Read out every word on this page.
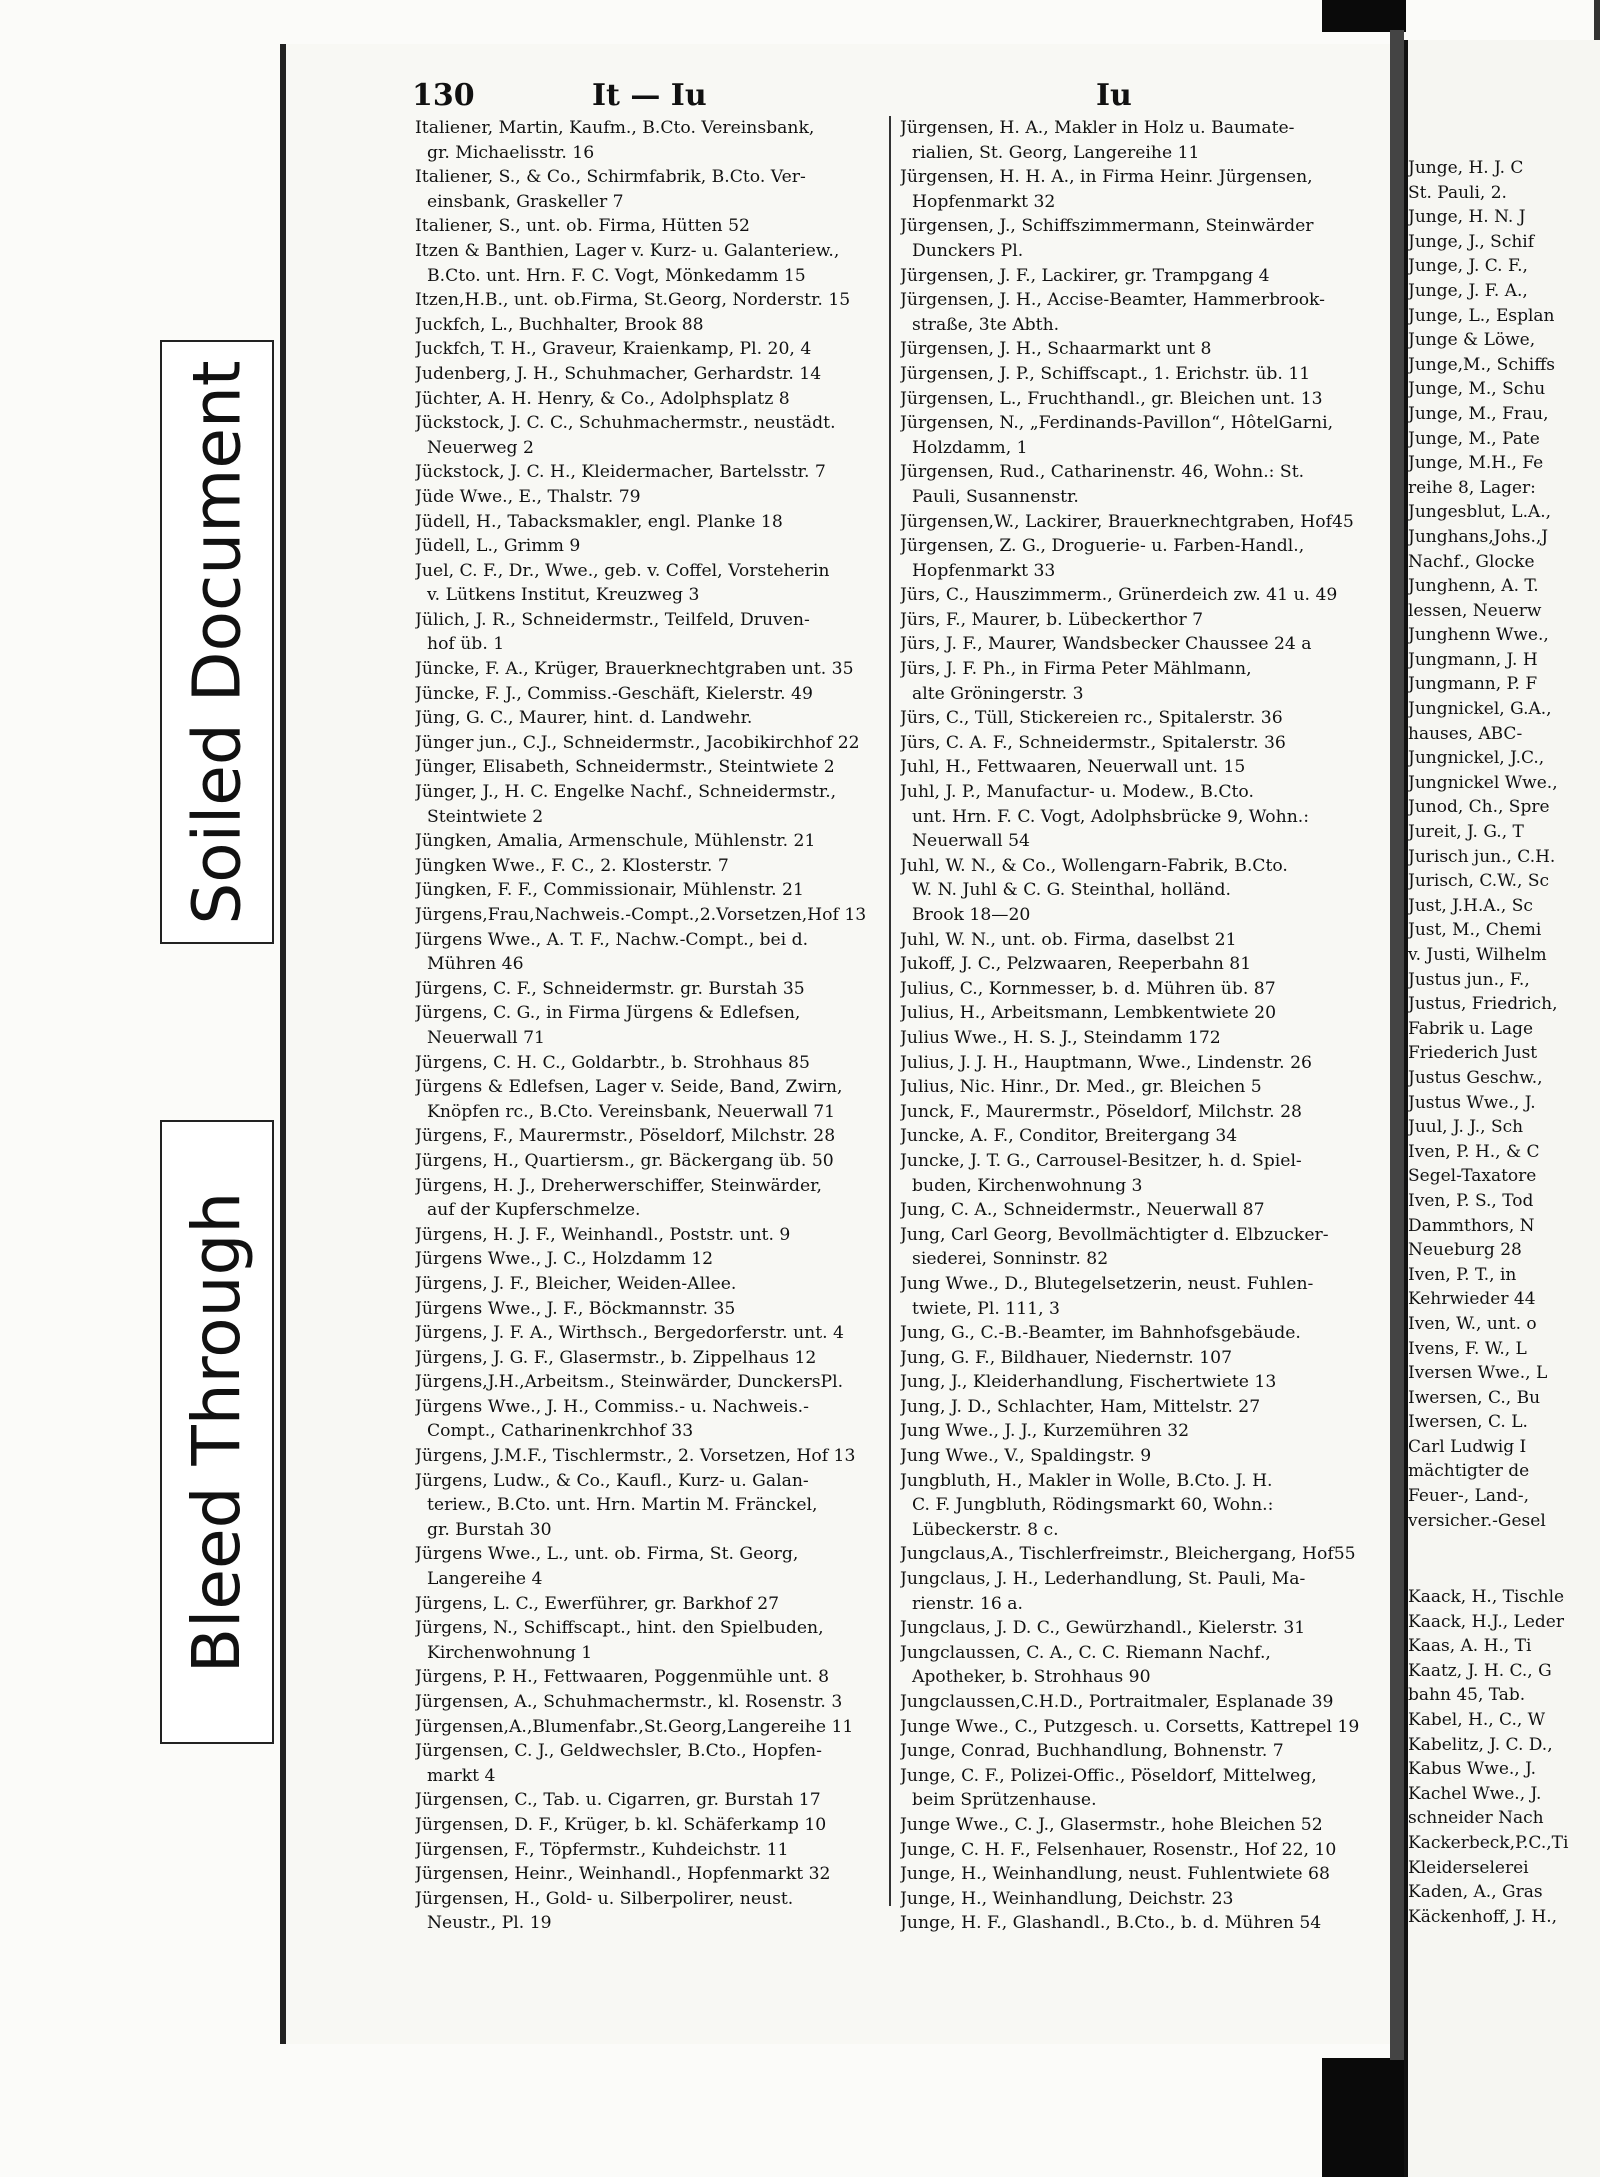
Soiled Document
Bleed Through
130	It — Iu	Iu
Italiener, Martin, Kaufm., B.Cto. Vereinsbank,
gr. Michaelisstr. 16
Italiener, S., & Co., Schirmfabrik, B.Cto. Ver-
einsbank, Graskeller 7
Italiener, S., unt. ob. Firma, Hütten 52
Itzen & Banthien, Lager v. Kurz- u. Galanteriew.,
B.Cto. unt. Hrn. F. C. Vogt, Mönkedamm 15
Itzen,H.B., unt. ob.Firma, St.Georg, Norderstr. 15
Juckfch, L., Buchhalter, Brook 88
Juckfch, T. H., Graveur, Kraienkamp, Pl. 20, 4
Judenberg, J. H., Schuhmacher, Gerhardstr. 14
Jüchter, A. H. Henry, & Co., Adolphsplatz 8
Jückstock, J. C. C., Schuhmachermstr., neustädt.
Neuerweg 2
Jückstock, J. C. H., Kleidermacher, Bartelsstr. 7
Jüde Wwe., E., Thalstr. 79
Jüdell, H., Tabacksmakler, engl. Planke 18
Jüdell, L., Grimm 9
Juel, C. F., Dr., Wwe., geb. v. Coffel, Vorsteherin
v. Lütkens Institut, Kreuzweg 3
Jülich, J. R., Schneidermstr., Teilfeld, Druven-
hof üb. 1
Jüncke, F. A., Krüger, Brauerknechtgraben unt. 35
Jüncke, F. J., Commiss.-Geschäft, Kielerstr. 49
Jüng, G. C., Maurer, hint. d. Landwehr.
Jünger jun., C.J., Schneidermstr., Jacobikirchhof 22
Jünger, Elisabeth, Schneidermstr., Steintwiete 2
Jünger, J., H. C. Engelke Nachf., Schneidermstr.,
Steintwiete 2
Jüngken, Amalia, Armenschule, Mühlenstr. 21
Jüngken Wwe., F. C., 2. Klosterstr. 7
Jüngken, F. F., Commissionair, Mühlenstr. 21
Jürgens,Frau,Nachweis.-Compt.,2.Vorsetzen,Hof 13
Jürgens Wwe., A. T. F., Nachw.-Compt., bei d.
Mühren 46
Jürgens, C. F., Schneidermstr. gr. Burstah 35
Jürgens, C. G., in Firma Jürgens & Edlefsen,
Neuerwall 71
Jürgens, C. H. C., Goldarbtr., b. Strohhaus 85
Jürgens & Edlefsen, Lager v. Seide, Band, Zwirn,
Knöpfen rc., B.Cto. Vereinsbank, Neuerwall 71
Jürgens, F., Maurermstr., Pöseldorf, Milchstr. 28
Jürgens, H., Quartiersm., gr. Bäckergang üb. 50
Jürgens, H. J., Dreherwerschiffer, Steinwärder,
auf der Kupferschmelze.
Jürgens, H. J. F., Weinhandl., Poststr. unt. 9
Jürgens Wwe., J. C., Holzdamm 12
Jürgens, J. F., Bleicher, Weiden-Allee.
Jürgens Wwe., J. F., Böckmannstr. 35
Jürgens, J. F. A., Wirthsch., Bergedorferstr. unt. 4
Jürgens, J. G. F., Glasermstr., b. Zippelhaus 12
Jürgens,J.H.,Arbeitsm., Steinwärder, DunckersPl.
Jürgens Wwe., J. H., Commiss.- u. Nachweis.-
Compt., Catharinenkrchhof 33
Jürgens, J.M.F., Tischlermstr., 2. Vorsetzen, Hof 13
Jürgens, Ludw., & Co., Kaufl., Kurz- u. Galan-
teriew., B.Cto. unt. Hrn. Martin M. Fränckel,
gr. Burstah 30
Jürgens Wwe., L., unt. ob. Firma, St. Georg,
Langereihe 4
Jürgens, L. C., Ewerführer, gr. Barkhof 27
Jürgens, N., Schiffscapt., hint. den Spielbuden,
Kirchenwohnung 1
Jürgens, P. H., Fettwaaren, Poggenmühle unt. 8
Jürgensen, A., Schuhmachermstr., kl. Rosenstr. 3
Jürgensen,A.,Blumenfabr.,St.Georg,Langereihe 11
Jürgensen, C. J., Geldwechsler, B.Cto., Hopfen-
markt 4
Jürgensen, C., Tab. u. Cigarren, gr. Burstah 17
Jürgensen, D. F., Krüger, b. kl. Schäferkamp 10
Jürgensen, F., Töpfermstr., Kuhdeichstr. 11
Jürgensen, Heinr., Weinhandl., Hopfenmarkt 32
Jürgensen, H., Gold- u. Silberpolirer, neust.
Neustr., Pl. 19
Jürgensen, H. A., Makler in Holz u. Baumate-
rialien, St. Georg, Langereihe 11
Jürgensen, H. H. A., in Firma Heinr. Jürgensen,
Hopfenmarkt 32
Jürgensen, J., Schiffszimmermann, Steinwärder
Dunckers Pl.
Jürgensen, J. F., Lackirer, gr. Trampgang 4
Jürgensen, J. H., Accise-Beamter, Hammerbrook-
straße, 3te Abth.
Jürgensen, J. H., Schaarmarkt unt 8
Jürgensen, J. P., Schiffscapt., 1. Erichstr. üb. 11
Jürgensen, L., Fruchthandl., gr. Bleichen unt. 13
Jürgensen, N., „Ferdinands-Pavillon“, HôtelGarni,
Holzdamm, 1
Jürgensen, Rud., Catharinenstr. 46, Wohn.: St.
Pauli, Susannenstr.
Jürgensen,W., Lackirer, Brauerknechtgraben, Hof45
Jürgensen, Z. G., Droguerie- u. Farben-Handl.,
Hopfenmarkt 33
Jürs, C., Hauszimmerm., Grünerdeich zw. 41 u. 49
Jürs, F., Maurer, b. Lübeckerthor 7
Jürs, J. F., Maurer, Wandsbecker Chaussee 24 a
Jürs, J. F. Ph., in Firma Peter Mählmann,
alte Gröningerstr. 3
Jürs, C., Tüll, Stickereien rc., Spitalerstr. 36
Jürs, C. A. F., Schneidermstr., Spitalerstr. 36
Juhl, H., Fettwaaren, Neuerwall unt. 15
Juhl, J. P., Manufactur- u. Modew., B.Cto.
unt. Hrn. F. C. Vogt, Adolphsbrücke 9, Wohn.:
Neuerwall 54
Juhl, W. N., & Co., Wollengarn-Fabrik, B.Cto.
W. N. Juhl & C. G. Steinthal, holländ.
Brook 18—20
Juhl, W. N., unt. ob. Firma, daselbst 21
Jukoff, J. C., Pelzwaaren, Reeperbahn 81
Julius, C., Kornmesser, b. d. Mühren üb. 87
Julius, H., Arbeitsmann, Lembkentwiete 20
Julius Wwe., H. S. J., Steindamm 172
Julius, J. J. H., Hauptmann, Wwe., Lindenstr. 26
Julius, Nic. Hinr., Dr. Med., gr. Bleichen 5
Junck, F., Maurermstr., Pöseldorf, Milchstr. 28
Juncke, A. F., Conditor, Breitergang 34
Juncke, J. T. G., Carrousel-Besitzer, h. d. Spiel-
buden, Kirchenwohnung 3
Jung, C. A., Schneidermstr., Neuerwall 87
Jung, Carl Georg, Bevollmächtigter d. Elbzucker-
siederei, Sonninstr. 82
Jung Wwe., D., Blutegelsetzerin, neust. Fuhlen-
twiete, Pl. 111, 3
Jung, G., C.-B.-Beamter, im Bahnhofsgebäude.
Jung, G. F., Bildhauer, Niedernstr. 107
Jung, J., Kleiderhandlung, Fischertwiete 13
Jung, J. D., Schlachter, Ham, Mittelstr. 27
Jung Wwe., J. J., Kurzemühren 32
Jung Wwe., V., Spaldingstr. 9
Jungbluth, H., Makler in Wolle, B.Cto. J. H.
C. F. Jungbluth, Rödingsmarkt 60, Wohn.:
Lübeckerstr. 8 c.
Jungclaus,A., Tischlerfreimstr., Bleichergang, Hof55
Jungclaus, J. H., Lederhandlung, St. Pauli, Ma-
rienstr. 16 a.
Jungclaus, J. D. C., Gewürzhandl., Kielerstr. 31
Jungclaussen, C. A., C. C. Riemann Nachf.,
Apotheker, b. Strohhaus 90
Jungclaussen,C.H.D., Portraitmaler, Esplanade 39
Junge Wwe., C., Putzgesch. u. Corsetts, Kattrepel 19
Junge, Conrad, Buchhandlung, Bohnenstr. 7
Junge, C. F., Polizei-Offic., Pöseldorf, Mittelweg,
beim Sprützenhause.
Junge Wwe., C. J., Glasermstr., hohe Bleichen 52
Junge, C. H. F., Felsenhauer, Rosenstr., Hof 22, 10
Junge, H., Weinhandlung, neust. Fuhlentwiete 68
Junge, H., Weinhandlung, Deichstr. 23
Junge, H. F., Glashandl., B.Cto., b. d. Mühren 54
Junge, H. J. C
St. Pauli, 2.
Junge, H. N. J
Junge, J., Schif
Junge, J. C. F.,
Junge, J. F. A.,
Junge, L., Esplan
Junge & Löwe,
Junge,M., Schiffs
Junge, M., Schu
Junge, M., Frau,
Junge, M., Pate
Junge, M.H., Fe
reihe 8, Lager:
Jungesblut, L.A.,
Junghans,Johs.,J
Nachf., Glocke
Junghenn, A. T.
lessen, Neuerw
Junghenn Wwe.,
Jungmann, J. H
Jungmann, P. F
Jungnickel, G.A.,
hauses, ABC-
Jungnickel, J.C.,
Jungnickel Wwe.,
Junod, Ch., Spre
Jureit, J. G., T
Jurisch jun., C.H.
Jurisch, C.W., Sc
Just, J.H.A., Sc
Just, M., Chemi
v. Justi, Wilhelm
Justus jun., F.,
Justus, Friedrich,
Fabrik u. Lage
Friederich Just
Justus Geschw.,
Justus Wwe., J.
Juul, J. J., Sch
Iven, P. H., & C
Segel-Taxatore
Iven, P. S., Tod
Dammthors, N
Neueburg 28
Iven, P. T., in
Kehrwieder 44
Iven, W., unt. o
Ivens, F. W., L
Iversen Wwe., L
Iwersen, C., Bu
Iwersen, C. L.
Carl Ludwig I
mächtigter de
Feuer-, Land-,
versicher.-Gesel
Kaack, H., Tischle
Kaack, H.J., Leder
Kaas, A. H., Ti
Kaatz, J. H. C., G
bahn 45, Tab.
Kabel, H., C., W
Kabelitz, J. C. D.,
Kabus Wwe., J.
Kachel Wwe., J.
schneider Nach
Kackerbeck,P.C.,Ti
Kleiderselerei
Kaden, A., Gras
Käckenhoff, J. H.,
